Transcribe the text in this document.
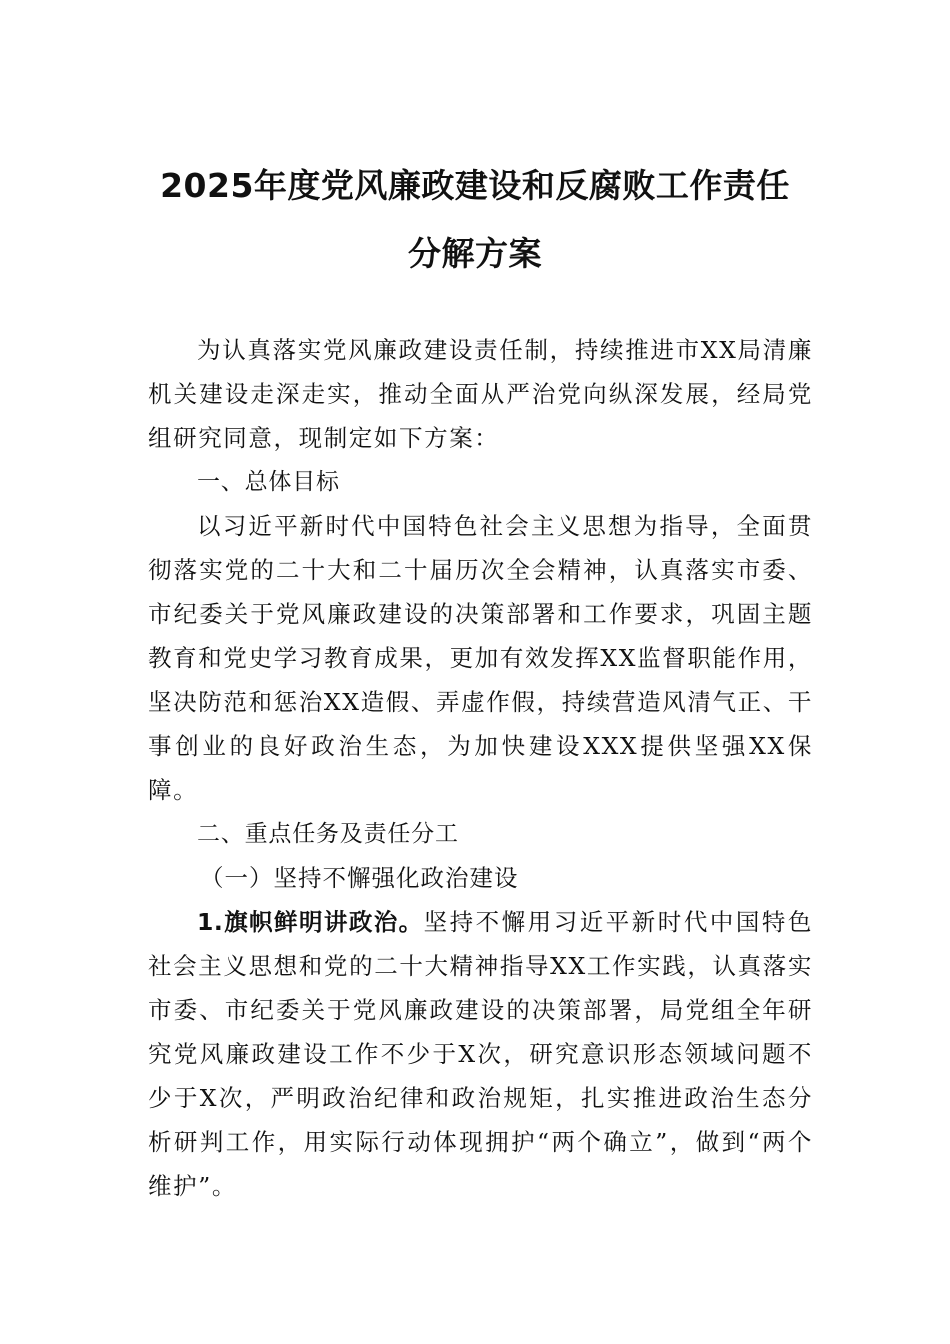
2025年度党风廉政建设和反腐败工作责任
分解方案

为认真落实党风廉政建设责任制，持续推进市XX局清廉机关建设走深走实，推动全面从严治党向纵深发展，经局党组研究同意，现制定如下方案：

一、总体目标

以习近平新时代中国特色社会主义思想为指导，全面贯彻落实党的二十大和二十届历次全会精神，认真落实市委、市纪委关于党风廉政建设的决策部署和工作要求，巩固主题教育和党史学习教育成果，更加有效发挥XX监督职能作用，坚决防范和惩治XX造假、弄虚作假，持续营造风清气正、干事创业的良好政治生态，为加快建设XXX提供坚强XX保障。

二、重点任务及责任分工

（一）坚持不懈强化政治建设

1.旗帜鲜明讲政治。坚持不懈用习近平新时代中国特色社会主义思想和党的二十大精神指导XX工作实践，认真落实市委、市纪委关于党风廉政建设的决策部署，局党组全年研究党风廉政建设工作不少于X次，研究意识形态领域问题不少于X次，严明政治纪律和政治规矩，扎实推进政治生态分析研判工作，用实际行动体现拥护“两个确立”，做到“两个维护”。
